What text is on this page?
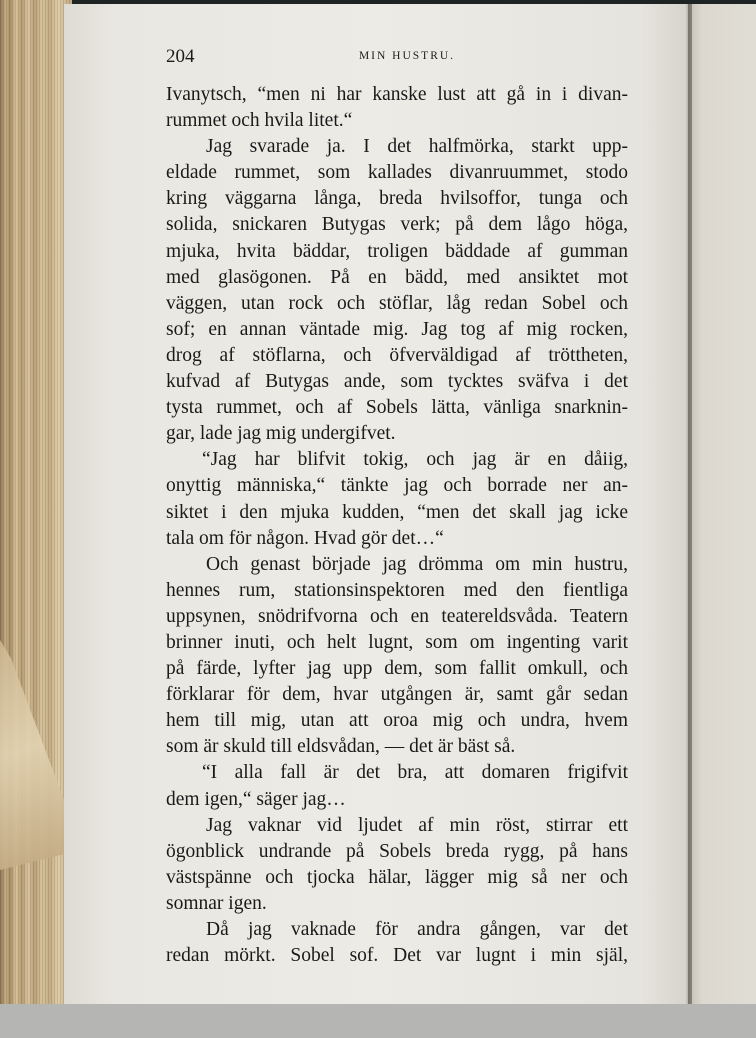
204	MIN HUSTRU.
Ivanytsch, “men ni har kanske lust att gå in i divan-
rummet och hvila litet.“
Jag svarade ja. I det halfmörka, starkt upp-
eldade rummet, som kallades divanruummet, stodo
kring väggarna långa, breda hvilsoffor, tunga och
solida, snickaren Butygas verk; på dem lågo höga,
mjuka, hvita bäddar, troligen bäddade af gumman
med glasögonen. På en bädd, med ansiktet mot
väggen, utan rock och stöflar, låg redan Sobel och
sof; en annan väntade mig. Jag tog af mig rocken,
drog af stöflarna, och öfverväldigad af tröttheten,
kufvad af Butygas ande, som tycktes sväfva i det
tysta rummet, och af Sobels lätta, vänliga snarknin-
gar, lade jag mig undergifvet.
“Jag har blifvit tokig, och jag är en dåiig,
onyttig människa,“ tänkte jag och borrade ner an-
siktet i den mjuka kudden, “men det skall jag icke
tala om för någon. Hvad gör det…“
Och genast började jag drömma om min hustru,
hennes rum, stationsinspektoren med den fientliga
uppsynen, snödrifvorna och en teatereldsvåda. Teatern
brinner inuti, och helt lugnt, som om ingenting varit
på färde, lyfter jag upp dem, som fallit omkull, och
förklarar för dem, hvar utgången är, samt går sedan
hem till mig, utan att oroa mig och undra, hvem
som är skuld till eldsvådan, — det är bäst så.
“I alla fall är det bra, att domaren frigifvit
dem igen,“ säger jag…
Jag vaknar vid ljudet af min röst, stirrar ett
ögonblick undrande på Sobels breda rygg, på hans
västspänne och tjocka hälar, lägger mig så ner och
somnar igen.
Då jag vaknade för andra gången, var det
redan mörkt. Sobel sof. Det var lugnt i min själ,
